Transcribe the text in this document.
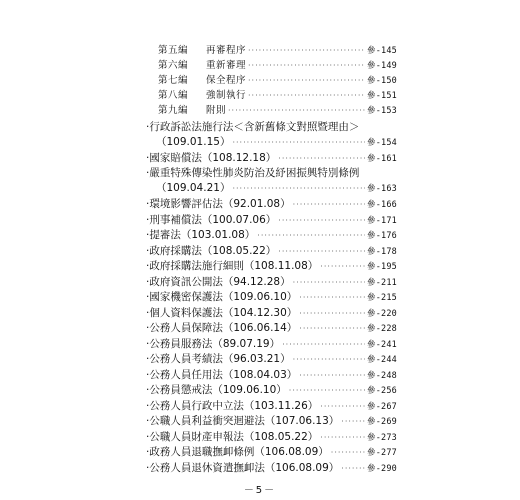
第五編 再審程序 ·····	參-145
第六編 重新審理 ·····	參-149
第七編 保全程序 ·····	參-150
第八編 強制執行 ·····	參-151
第九編 附則 ·····	參-153
‧行政訴訟法施行法＜含新舊條文對照暨理由＞
（109.01.15） ·····	參-154
‧國家賠償法（108.12.18） ·····	參-161
‧嚴重特殊傳染性肺炎防治及紓困振興特別條例
（109.04.21） ·····	參-163
‧環境影響評估法（92.01.08） ·····	參-166
‧刑事補償法（100.07.06） ·····	參-171
‧提審法（103.01.08） ·····	參-176
‧政府採購法（108.05.22） ·····	參-178
‧政府採購法施行細則（108.11.08） ·····	參-195
‧政府資訊公開法（94.12.28） ·····	參-211
‧國家機密保護法（109.06.10） ·····	參-215
‧個人資料保護法（104.12.30） ·····	參-220
‧公務人員保障法（106.06.14） ·····	參-228
‧公務員服務法（89.07.19） ·····	參-241
‧公務人員考績法（96.03.21） ·····	參-244
‧公務人員任用法（108.04.03） ·····	參-248
‧公務員懲戒法（109.06.10） ·····	參-256
‧公務人員行政中立法（103.11.26） ·····	參-267
‧公職人員利益衝突迴避法（107.06.13） ·····	參-269
‧公職人員財產申報法（108.05.22） ·····	參-273
‧政務人員退職撫卹條例（106.08.09） ·····	參-277
‧公務人員退休資遣撫卹法（106.08.09） ·····	參-290
－5－
